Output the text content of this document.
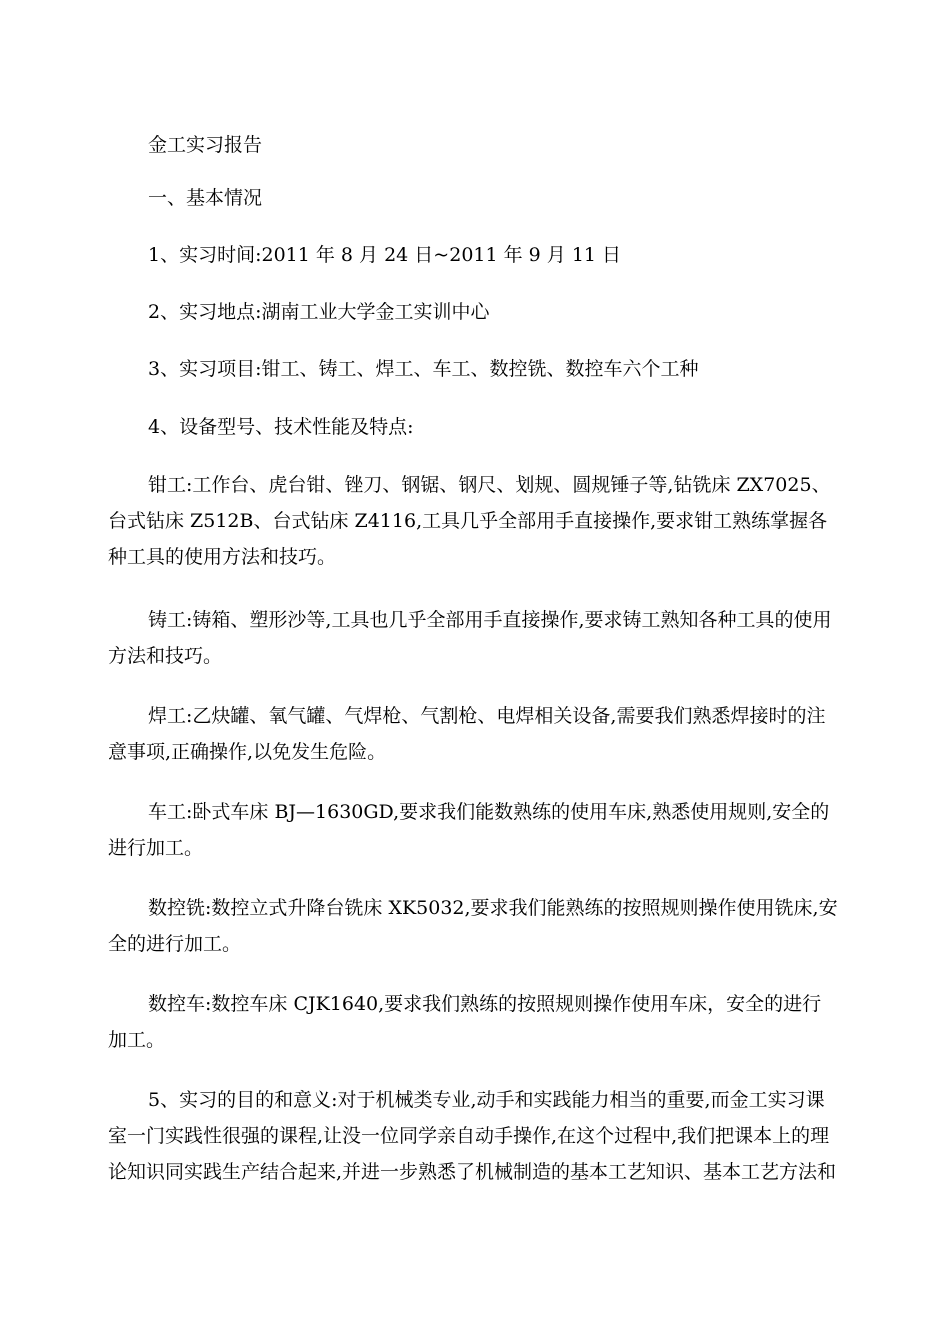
金工实习报告

一、基本情况

1、实习时间:2011 年 8 月 24 日~2011 年 9 月 11 日

2、实习地点:湖南工业大学金工实训中心

3、实习项目:钳工、铸工、焊工、车工、数控铣、数控车六个工种

4、设备型号、技术性能及特点:

钳工:工作台、虎台钳、锉刀、钢锯、钢尺、划规、圆规锤子等,钻铣床 ZX7025、台式钻床 Z512B、台式钻床 Z4116,工具几乎全部用手直接操作,要求钳工熟练掌握各种工具的使用方法和技巧。

铸工:铸箱、塑形沙等,工具也几乎全部用手直接操作,要求铸工熟知各种工具的使用方法和技巧。

焊工:乙炔罐、氧气罐、气焊枪、气割枪、电焊相关设备,需要我们熟悉焊接时的注意事项,正确操作,以免发生危险。

车工:卧式车床 BJ—1630GD,要求我们能数熟练的使用车床,熟悉使用规则,安全的进行加工。

数控铣:数控立式升降台铣床 XK5032,要求我们能熟练的按照规则操作使用铣床,安全的进行加工。

数控车:数控车床 CJK1640,要求我们熟练的按照规则操作使用车床，安全的进行加工。

5、实习的目的和意义:对于机械类专业,动手和实践能力相当的重要,而金工实习课室一门实践性很强的课程,让没一位同学亲自动手操作,在这个过程中,我们把课本上的理论知识同实践生产结合起来,并进一步熟悉了机械制造的基本工艺知识、基本工艺方法和
